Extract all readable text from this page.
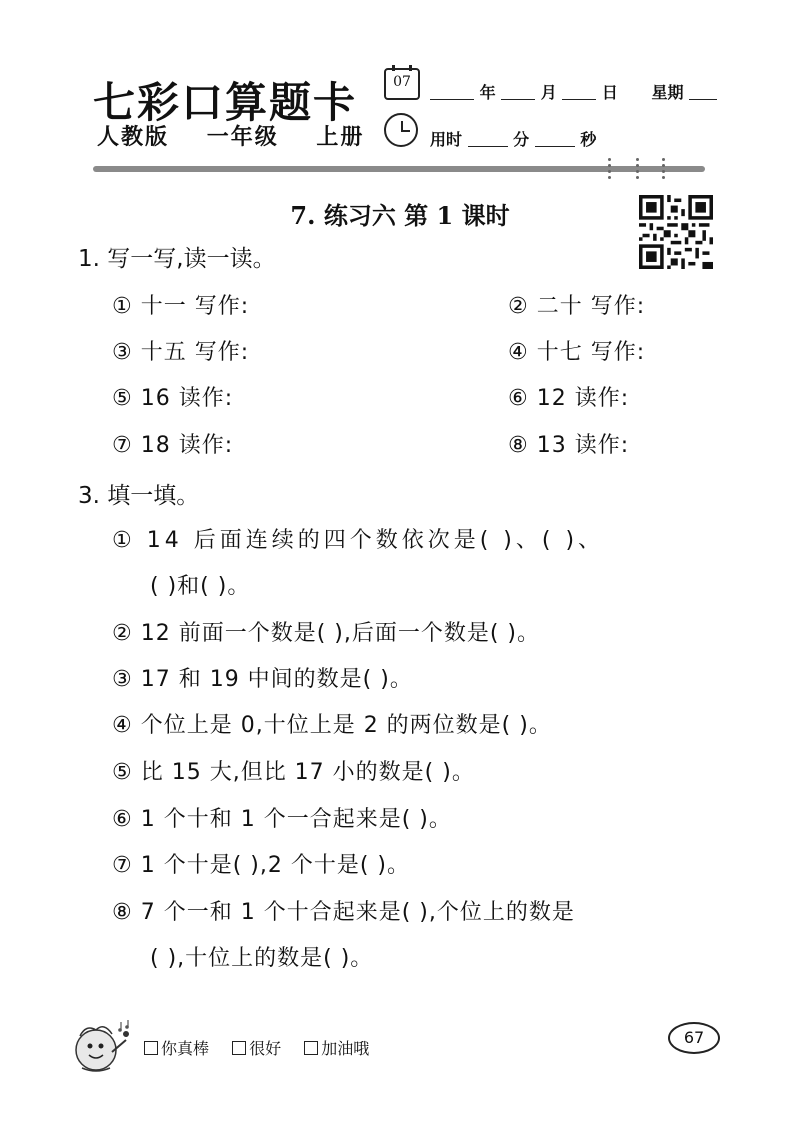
七彩口算题卡
人教版 一年级 上册
07
年	月	日 星期
用时	分	秒
7. 练习六 第 1 课时
1. 写一写,读一读。
① 十一 写作:	② 二十 写作:
③ 十五 写作:	④ 十七 写作:
⑤ 16 读作:	⑥ 12 读作:
⑦ 18 读作:	⑧ 13 读作:
3. 填一填。
① 14 后面连续的四个数依次是( )、( )、
( )和( )。
② 12 前面一个数是( ),后面一个数是( )。
③ 17 和 19 中间的数是( )。
④ 个位上是 0,十位上是 2 的两位数是( )。
⑤ 比 15 大,但比 17 小的数是( )。
⑥ 1 个十和 1 个一合起来是( )。
⑦ 1 个十是( ),2 个十是( )。
⑧ 7 个一和 1 个十合起来是( ),个位上的数是
( ),十位上的数是( )。
你真棒	很好	加油哦
67
